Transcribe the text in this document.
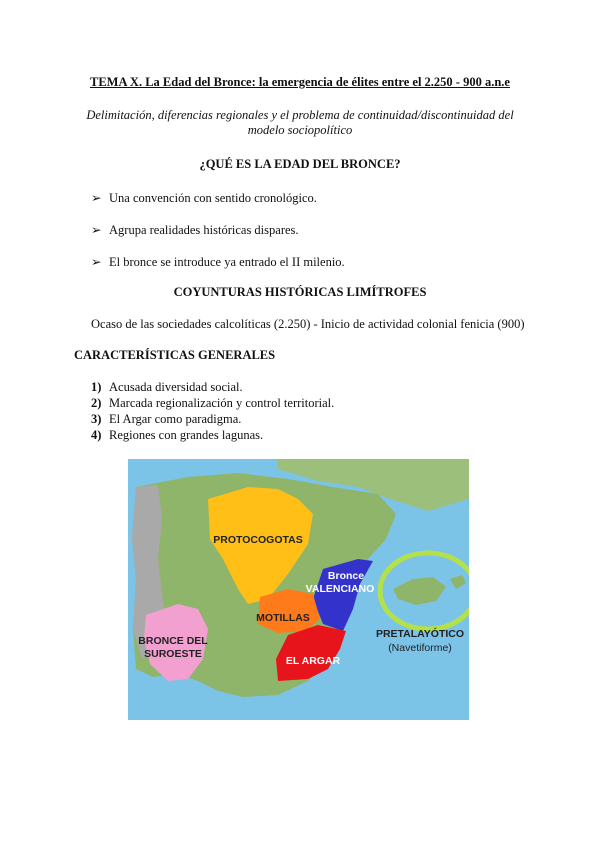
TEMA X. La Edad del Bronce: la emergencia de élites entre el 2.250 - 900 a.n.e
Delimitación, diferencias regionales y el problema de continuidad/discontinuidad del modelo sociopolítico
¿QUÉ ES LA EDAD DEL BRONCE?
➢ Una convención con sentido cronológico.
➢ Agrupa realidades históricas dispares.
➢ El bronce se introduce ya entrado el II milenio.
COYUNTURAS HISTÓRICAS LIMÍTROFES
Ocaso de las sociedades calcolíticas (2.250) - Inicio de actividad colonial fenicia (900)
CARACTERÍSTICAS GENERALES
1) Acusada diversidad social.
2) Marcada regionalización y control territorial.
3) El Argar como paradigma.
4) Regiones con grandes lagunas.
PROTOCOGOTAS
Bronce
VALENCIANO
MOTILLAS
BRONCE DEL
SUROESTE
EL ARGAR
PRETALAYÓTICO
(Navetiforme)
